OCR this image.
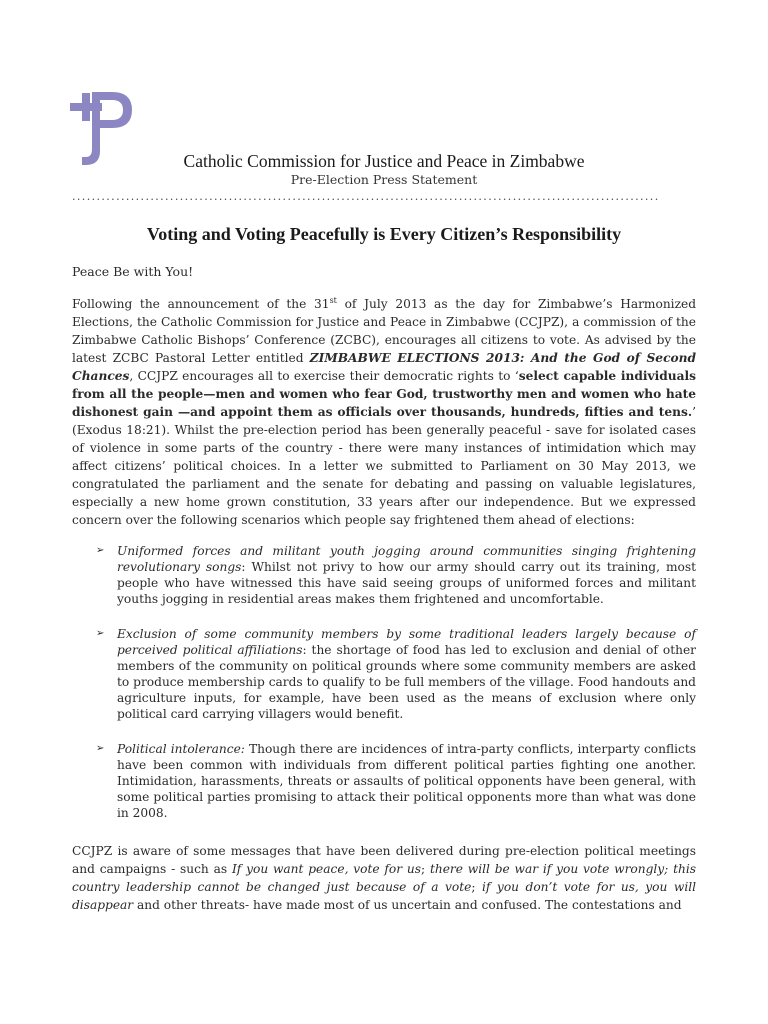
Catholic Commission for Justice and Peace in Zimbabwe
Pre-Election Press Statement
........................................................................................................................
Voting and Voting Peacefully is Every Citizen’s Responsibility
Peace Be with You!
Following the announcement of the 31st of July 2013 as the day for Zimbabwe’s Harmonized Elections, the Catholic Commission for Justice and Peace in Zimbabwe (CCJPZ), a commission of the Zimbabwe Catholic Bishops’ Conference (ZCBC), encourages all citizens to vote. As advised by the latest ZCBC Pastoral Letter entitled ZIMBABWE ELECTIONS 2013: And the God of Second Chances, CCJPZ encourages all to exercise their democratic rights to ‘select capable individuals from all the people—men and women who fear God, trustworthy men and women who hate dishonest gain —and appoint them as officials over thousands, hundreds, fifties and tens.’ (Exodus 18:21). Whilst the pre-election period has been generally peaceful - save for isolated cases of violence in some parts of the country - there were many instances of intimidation which may affect citizens’ political choices. In a letter we submitted to Parliament on 30 May 2013, we congratulated the parliament and the senate for debating and passing on valuable legislatures, especially a new home grown constitution, 33 years after our independence. But we expressed concern over the following scenarios which people say frightened them ahead of elections:
➢ Uniformed forces and militant youth jogging around communities singing frightening revolutionary songs: Whilst not privy to how our army should carry out its training, most people who have witnessed this have said seeing groups of uniformed forces and militant youths jogging in residential areas makes them frightened and uncomfortable.
➢ Exclusion of some community members by some traditional leaders largely because of perceived political affiliations: the shortage of food has led to exclusion and denial of other members of the community on political grounds where some community members are asked to produce membership cards to qualify to be full members of the village. Food handouts and agriculture inputs, for example, have been used as the means of exclusion where only political card carrying villagers would benefit.
➢ Political intolerance: Though there are incidences of intra-party conflicts, interparty conflicts have been common with individuals from different political parties fighting one another. Intimidation, harassments, threats or assaults of political opponents have been general, with some political parties promising to attack their political opponents more than what was done in 2008.
CCJPZ is aware of some messages that have been delivered during pre-election political meetings and campaigns - such as If you want peace, vote for us; there will be war if you vote wrongly; this country leadership cannot be changed just because of a vote; if you don’t vote for us, you will disappear and other threats- have made most of us uncertain and confused. The contestations and
